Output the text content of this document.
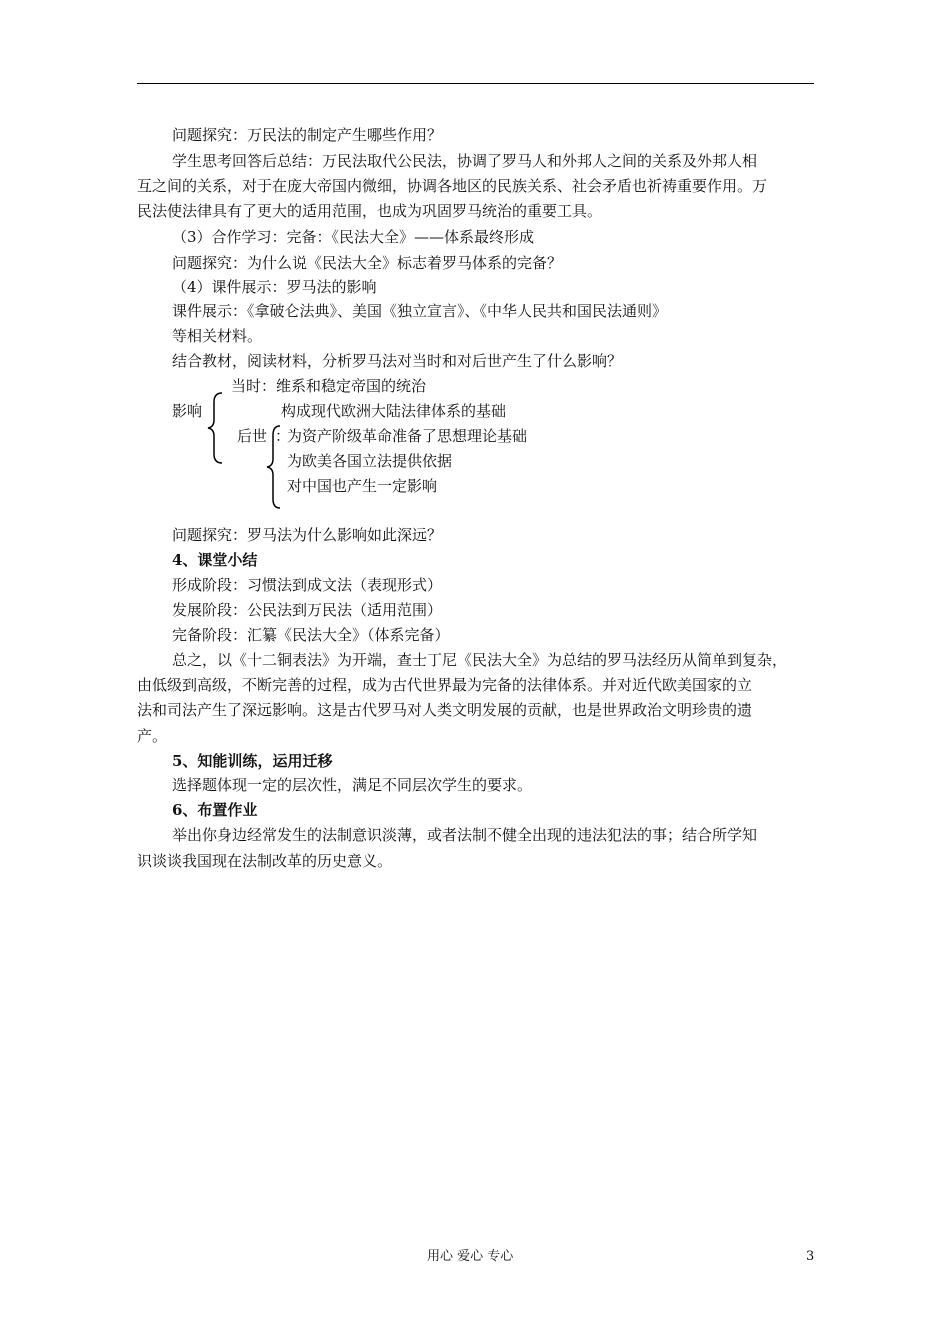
问题探究：万民法的制定产生哪些作用？
学生思考回答后总结：万民法取代公民法，协调了罗马人和外邦人之间的关系及外邦人相
互之间的关系，对于在庞大帝国内微细，协调各地区的民族关系、社会矛盾也祈祷重要作用。万
民法使法律具有了更大的适用范围，也成为巩固罗马统治的重要工具。
（3）合作学习：完备：《民法大全》——体系最终形成
问题探究：为什么说《民法大全》标志着罗马体系的完备？
（4）课件展示：罗马法的影响
课件展示：《拿破仑法典》、美国《独立宣言》、《中华人民共和国民法通则》
等相关材料。
结合教材，阅读材料，分析罗马法对当时和对后世产生了什么影响？
当时：维系和稳定帝国的统治
影响	构成现代欧洲大陆法律体系的基础
后世 ：
为资产阶级革命准备了思想理论基础
为欧美各国立法提供依据
对中国也产生一定影响
问题探究：罗马法为什么影响如此深远？
4、课堂小结
形成阶段：习惯法到成文法（表现形式）
发展阶段：公民法到万民法（适用范围）
完备阶段：汇纂《民法大全》（体系完备）
总之，以《十二铜表法》为开端，查士丁尼《民法大全》为总结的罗马法经历从简单到复杂，
由低级到高级，不断完善的过程，成为古代世界最为完备的法律体系。并对近代欧美国家的立
法和司法产生了深远影响。这是古代罗马对人类文明发展的贡献，也是世界政治文明珍贵的遗
产。
5、知能训练，运用迁移
选择题体现一定的层次性，满足不同层次学生的要求。
6、布置作业
举出你身边经常发生的法制意识淡薄，或者法制不健全出现的违法犯法的事；结合所学知
识谈谈我国现在法制改革的历史意义。
用心 爱心 专心	3
